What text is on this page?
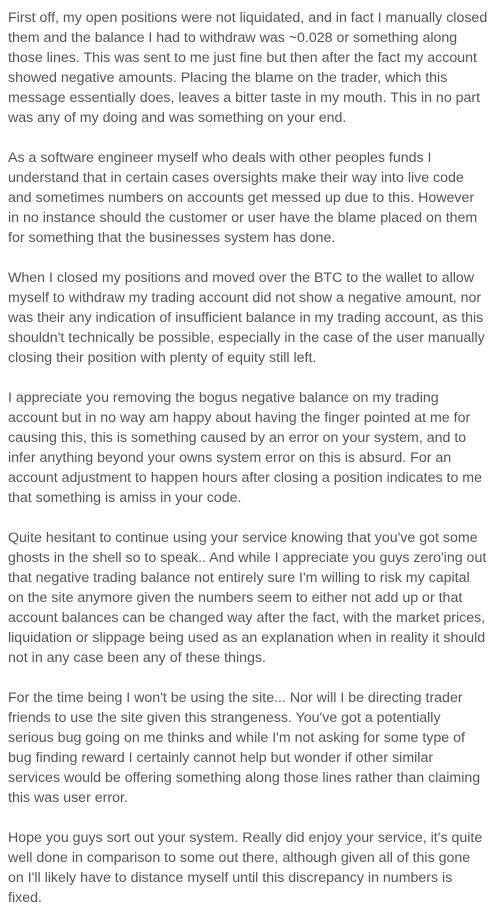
First off, my open positions were not liquidated, and in fact I manually closed them and the balance I had to withdraw was ~0.028 or something along those lines. This was sent to me just fine but then after the fact my account showed negative amounts. Placing the blame on the trader, which this message essentially does, leaves a bitter taste in my mouth. This in no part was any of my doing and was something on your end.

As a software engineer myself who deals with other peoples funds I understand that in certain cases oversights make their way into live code and sometimes numbers on accounts get messed up due to this. However in no instance should the customer or user have the blame placed on them for something that the businesses system has done.

When I closed my positions and moved over the BTC to the wallet to allow myself to withdraw my trading account did not show a negative amount, nor was their any indication of insufficient balance in my trading account, as this shouldn't technically be possible, especially in the case of the user manually closing their position with plenty of equity still left.

I appreciate you removing the bogus negative balance on my trading account but in no way am happy about having the finger pointed at me for causing this, this is something caused by an error on your system, and to infer anything beyond your owns system error on this is absurd. For an account adjustment to happen hours after closing a position indicates to me that something is amiss in your code.

Quite hesitant to continue using your service knowing that you've got some ghosts in the shell so to speak.. And while I appreciate you guys zero'ing out that negative trading balance not entirely sure I'm willing to risk my capital on the site anymore given the numbers seem to either not add up or that account balances can be changed way after the fact, with the market prices, liquidation or slippage being used as an explanation when in reality it should not in any case been any of these things.

For the time being I won't be using the site... Nor will I be directing trader friends to use the site given this strangeness. You've got a potentially serious bug going on me thinks and while I'm not asking for some type of bug finding reward I certainly cannot help but wonder if other similar services would be offering something along those lines rather than claiming this was user error.

Hope you guys sort out your system. Really did enjoy your service, it's quite well done in comparison to some out there, although given all of this gone on I'll likely have to distance myself until this discrepancy in numbers is fixed.
